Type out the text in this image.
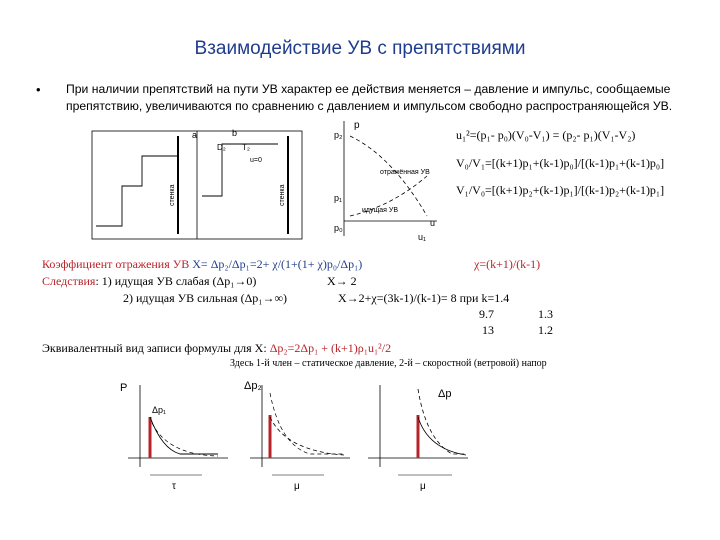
Взаимодействие УВ с препятствиями
• При наличии препятствий на пути УВ характер ее действия меняется – давление и импульс, сообщаемые препятствию, увеличиваются по сравнению с давлением и импульсом свободно распространяющейся УВ.
a	b
D₂ T₂
u=0
стенка	стенка
p
p₂
p₁
p₀	u
u₁
отражённая УВ
идущая УВ
u₁²=(p₁- p₀)(V₀-V₁) = (p₂- p₁)(V₁-V₂)
V₀/V₁=[(k+1)p₁+(k-1)p₀]/[(k-1)p₁+(k-1)p₀]
V₁/V₀=[(k+1)p₂+(k-1)p₁]/[(k-1)p₂+(k-1)p₁]
Коэффициент отражения УВ X= Δp₂/Δp₁=2+ χ/(1+(1+ χ)p₀/Δp₁)	χ=(k+1)/(k-1)
Следствия: 1) идущая УВ слабая (Δp₁→0)	X→ 2
2) идущая УВ сильная (Δp₁→∞)	X→2+χ=(3k-1)/(k-1)= 8 при k=1.4
9.7	1.3
13	1.2
Эквивалентный вид записи формулы для X: Δp₂=2Δp₁ + (k+1)ρ₁u₁²/2
Здесь 1-й член – статическое давление, 2-й – скоростной (ветровой) напор
P
Δp₁
τ
Δp₂
μ
Δp
μ
